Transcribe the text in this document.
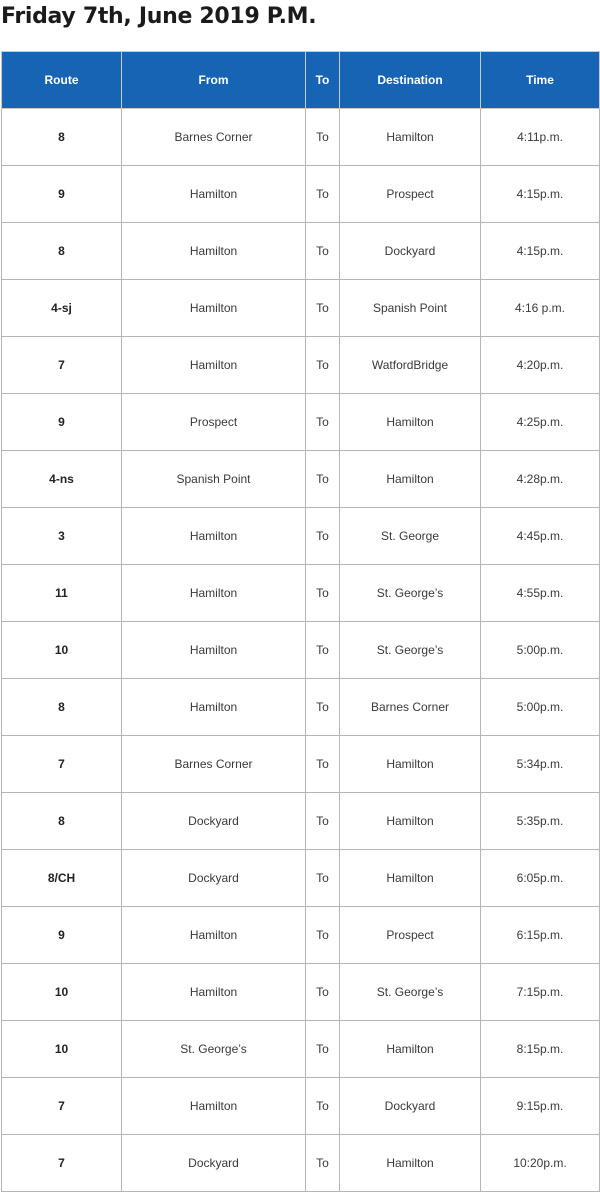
Friday 7th, June 2019 P.M.
Route	From	To	Destination	Time
8	Barnes Corner	To	Hamilton	4:11p.m.
9	Hamilton	To	Prospect	4:15p.m.
8	Hamilton	To	Dockyard	4:15p.m.
4-sj	Hamilton	To	Spanish Point	4:16 p.m.
7	Hamilton	To	WatfordBridge	4:20p.m.
9	Prospect	To	Hamilton	4:25p.m.
4-ns	Spanish Point	To	Hamilton	4:28p.m.
3	Hamilton	To	St. George	4:45p.m.
11	Hamilton	To	St. George’s	4:55p.m.
10	Hamilton	To	St. George’s	5:00p.m.
8	Hamilton	To	Barnes Corner	5:00p.m.
7	Barnes Corner	To	Hamilton	5:34p.m.
8	Dockyard	To	Hamilton	5:35p.m.
8/CH	Dockyard	To	Hamilton	6:05p.m.
9	Hamilton	To	Prospect	6:15p.m.
10	Hamilton	To	St. George’s	7:15p.m.
10	St. George’s	To	Hamilton	8:15p.m.
7	Hamilton	To	Dockyard	9:15p.m.
7	Dockyard	To	Hamilton	10:20p.m.
